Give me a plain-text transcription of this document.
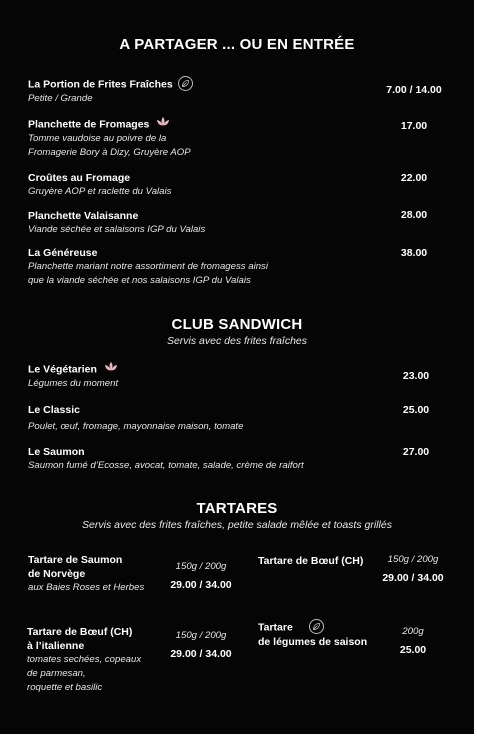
A PARTAGER ... OU EN ENTRÉE
La Portion de Frites Fraîches
Petite / Grande
7.00 / 14.00
Planchette de Fromages
Tomme vaudoise au poivre de la
Fromagerie Bory à Dizy, Gruyère AOP
17.00
Croûtes au Fromage
Gruyère AOP et raclette du Valais
22.00
Planchette Valaisanne
Viande séchée et salaisons IGP du Valais
28.00
La Généreuse
Planchette mariant notre assortiment de fromagess ainsi
que la viande séchée et nos salaisons IGP du Valais
38.00
CLUB SANDWICH
Servis avec des frites fraîches
Le Végétarien
Légumes du moment
23.00
Le Classic
Poulet, œuf, fromage, mayonnaise maison, tomate
25.00
Le Saumon
Saumon fumé d’Ecosse, avocat, tomate, salade, crème de raifort
27.00
TARTARES
Servis avec des frites fraîches, petite salade mêlée et toasts grillés
Tartare de Saumon
de Norvège
aux Baies Roses et Herbes
150g / 200g
29.00 / 34.00
Tartare de Bœuf (CH)	150g / 200g
29.00 / 34.00
Tartare de Bœuf (CH)
à l’italienne
tomates sechées, copeaux
de parmesan,
roquette et basilic
150g / 200g
29.00 / 34.00
Tartare
de légumes de saison
200g
25.00
